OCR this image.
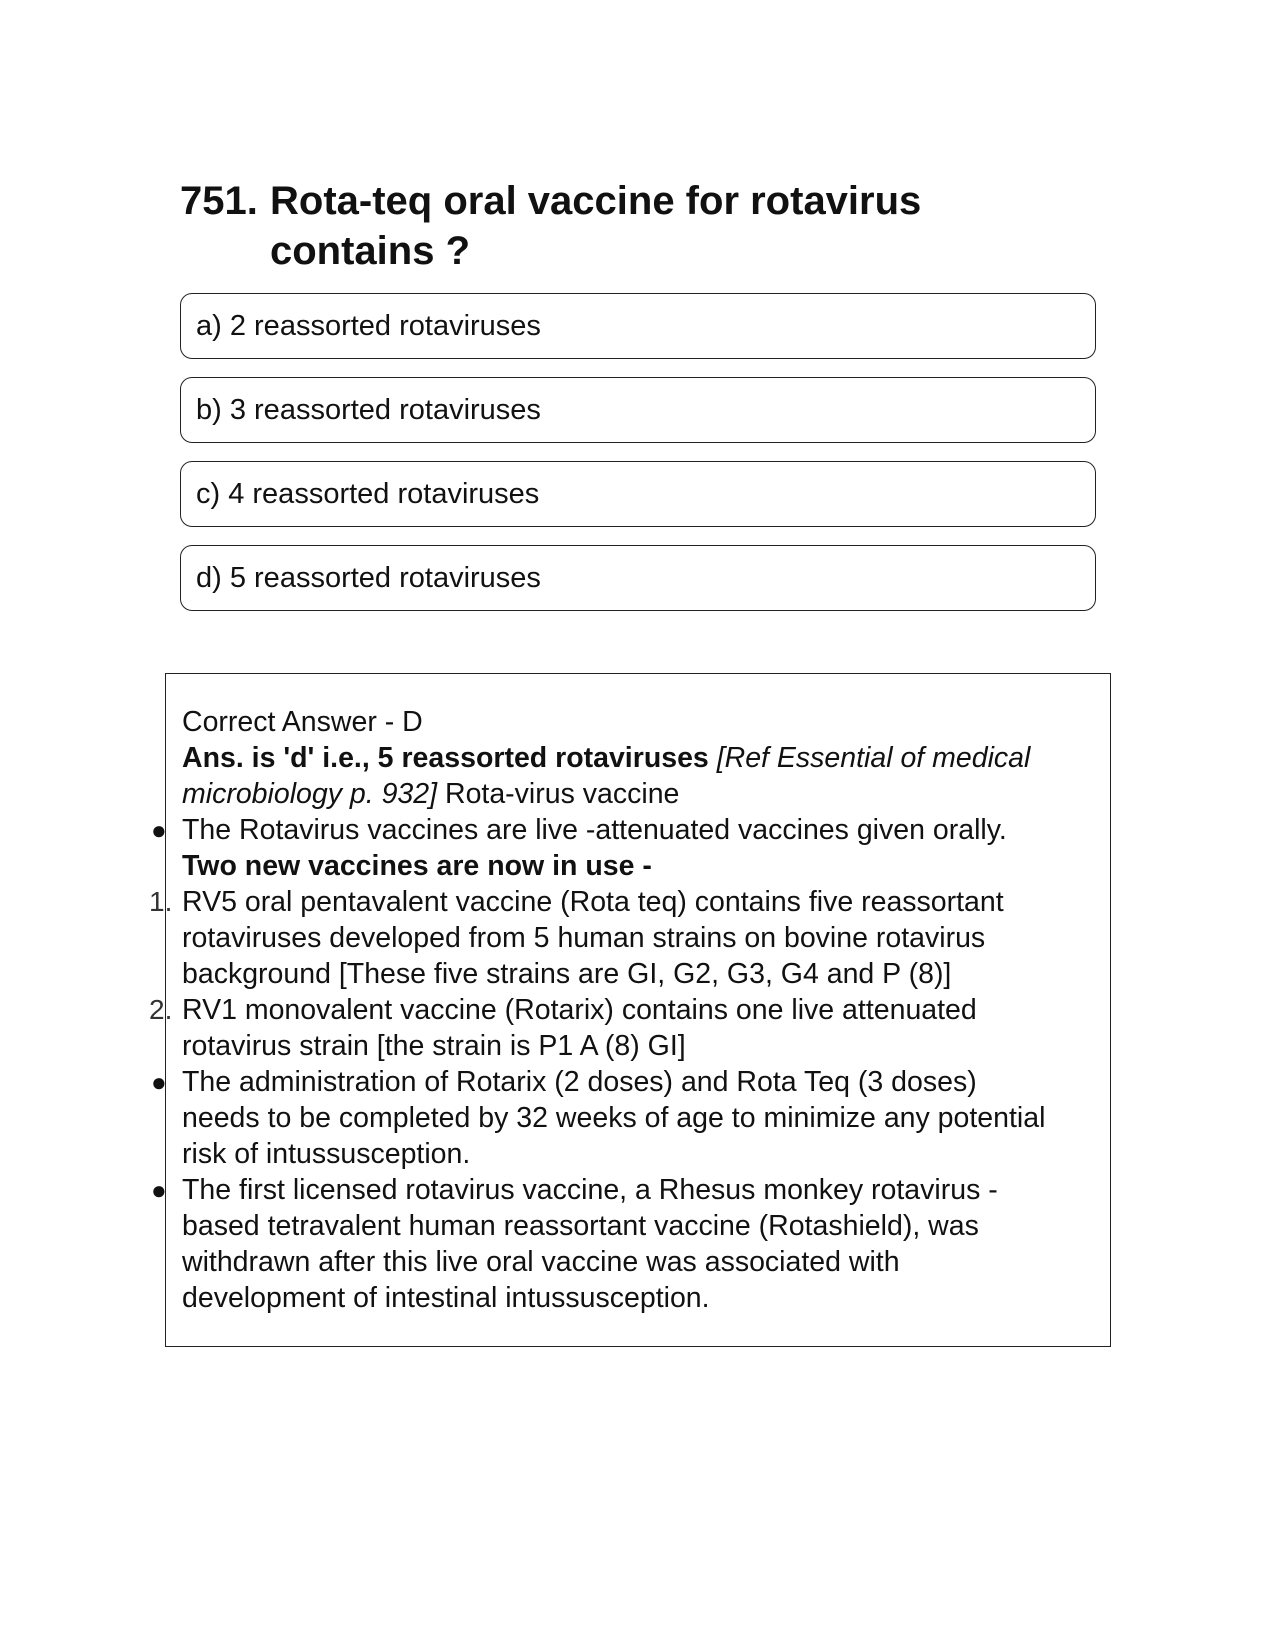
751. Rota-teq oral vaccine for rotavirus
contains ?
a) 2 reassorted rotaviruses
b) 3 reassorted rotaviruses
c) 4 reassorted rotaviruses
d) 5 reassorted rotaviruses
Correct Answer - D
Ans. is 'd' i.e., 5 reassorted rotaviruses [Ref Essential of medical
microbiology p. 932] Rota-virus vaccine
● The Rotavirus vaccines are live -attenuated vaccines given orally.
Two new vaccines are now in use -
1. RV5 oral pentavalent vaccine (Rota teq) contains five reassortant
rotaviruses developed from 5 human strains on bovine rotavirus
background [These five strains are GI, G2, G3, G4 and P (8)]
2. RV1 monovalent vaccine (Rotarix) contains one live attenuated
rotavirus strain [the strain is P1 A (8) GI]
● The administration of Rotarix (2 doses) and Rota Teq (3 doses)
needs to be completed by 32 weeks of age to minimize any potential
risk of intussusception.
● The first licensed rotavirus vaccine, a Rhesus monkey rotavirus -
based tetravalent human reassortant vaccine (Rotashield), was
withdrawn after this live oral vaccine was associated with
development of intestinal intussusception.
